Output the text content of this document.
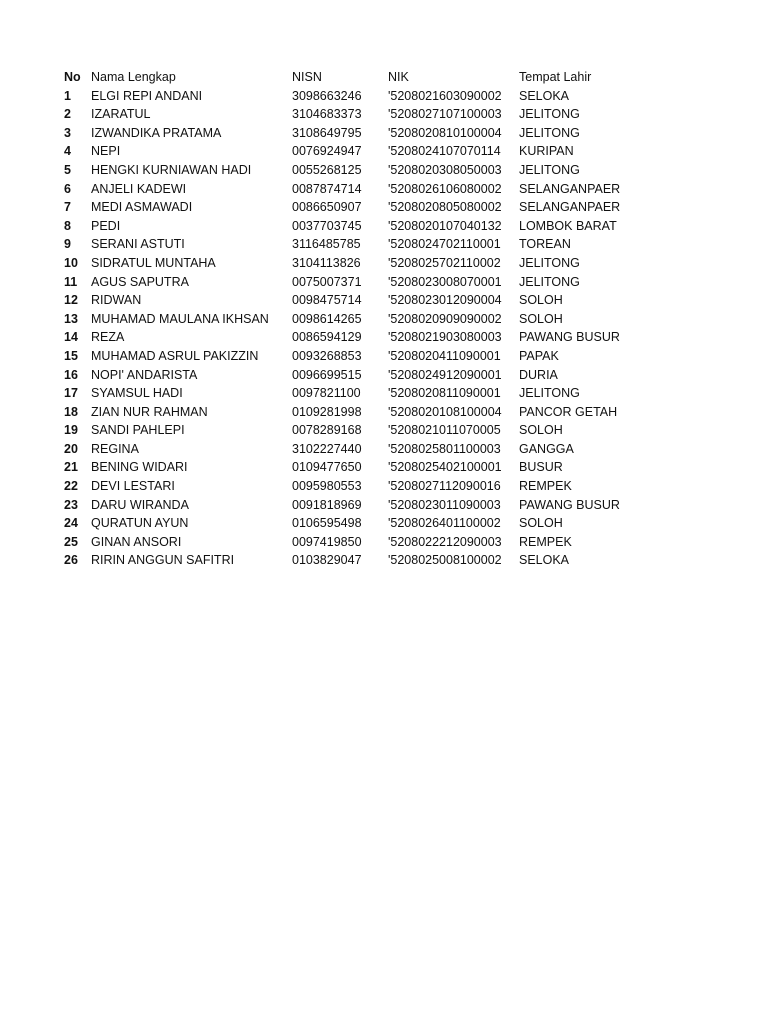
No	Nama Lengkap	NISN	NIK	Tempat Lahir
1	ELGI REPI ANDANI	3098663246	'5208021603090002	SELOKA
2	IZARATUL	3104683373	'5208027107100003	JELITONG
3	IZWANDIKA PRATAMA	3108649795	'5208020810100004	JELITONG
4	NEPI	0076924947	'5208024107070114	KURIPAN
5	HENGKI KURNIAWAN HADI	0055268125	'5208020308050003	JELITONG
6	ANJELI KADEWI	0087874714	'5208026106080002	SELANGANPAER
7	MEDI ASMAWADI	0086650907	'5208020805080002	SELANGANPAER
8	PEDI	0037703745	'5208020107040132	LOMBOK BARAT
9	SERANI ASTUTI	3116485785	'5208024702110001	TOREAN
10	SIDRATUL MUNTAHA	3104113826	'5208025702110002	JELITONG
11	AGUS SAPUTRA	0075007371	'5208023008070001	JELITONG
12	RIDWAN	0098475714	'5208023012090004	SOLOH
13	MUHAMAD MAULANA IKHSAN	0098614265	'5208020909090002	SOLOH
14	REZA	0086594129	'5208021903080003	PAWANG BUSUR
15	MUHAMAD ASRUL PAKIZZIN	0093268853	'5208020411090001	PAPAK
16	NOPI' ANDARISTA	0096699515	'5208024912090001	DURIA
17	SYAMSUL HADI	0097821100	'5208020811090001	JELITONG
18	ZIAN NUR RAHMAN	0109281998	'5208020108100004	PANCOR GETAH
19	SANDI PAHLEPI	0078289168	'5208021011070005	SOLOH
20	REGINA	3102227440	'5208025801100003	GANGGA
21	BENING WIDARI	0109477650	'5208025402100001	BUSUR
22	DEVI LESTARI	0095980553	'5208027112090016	REMPEK
23	DARU WIRANDA	0091818969	'5208023011090003	PAWANG BUSUR
24	QURATUN AYUN	0106595498	'5208026401100002	SOLOH
25	GINAN ANSORI	0097419850	'5208022212090003	REMPEK
26	RIRIN ANGGUN SAFITRI	0103829047	'5208025008100002	SELOKA
